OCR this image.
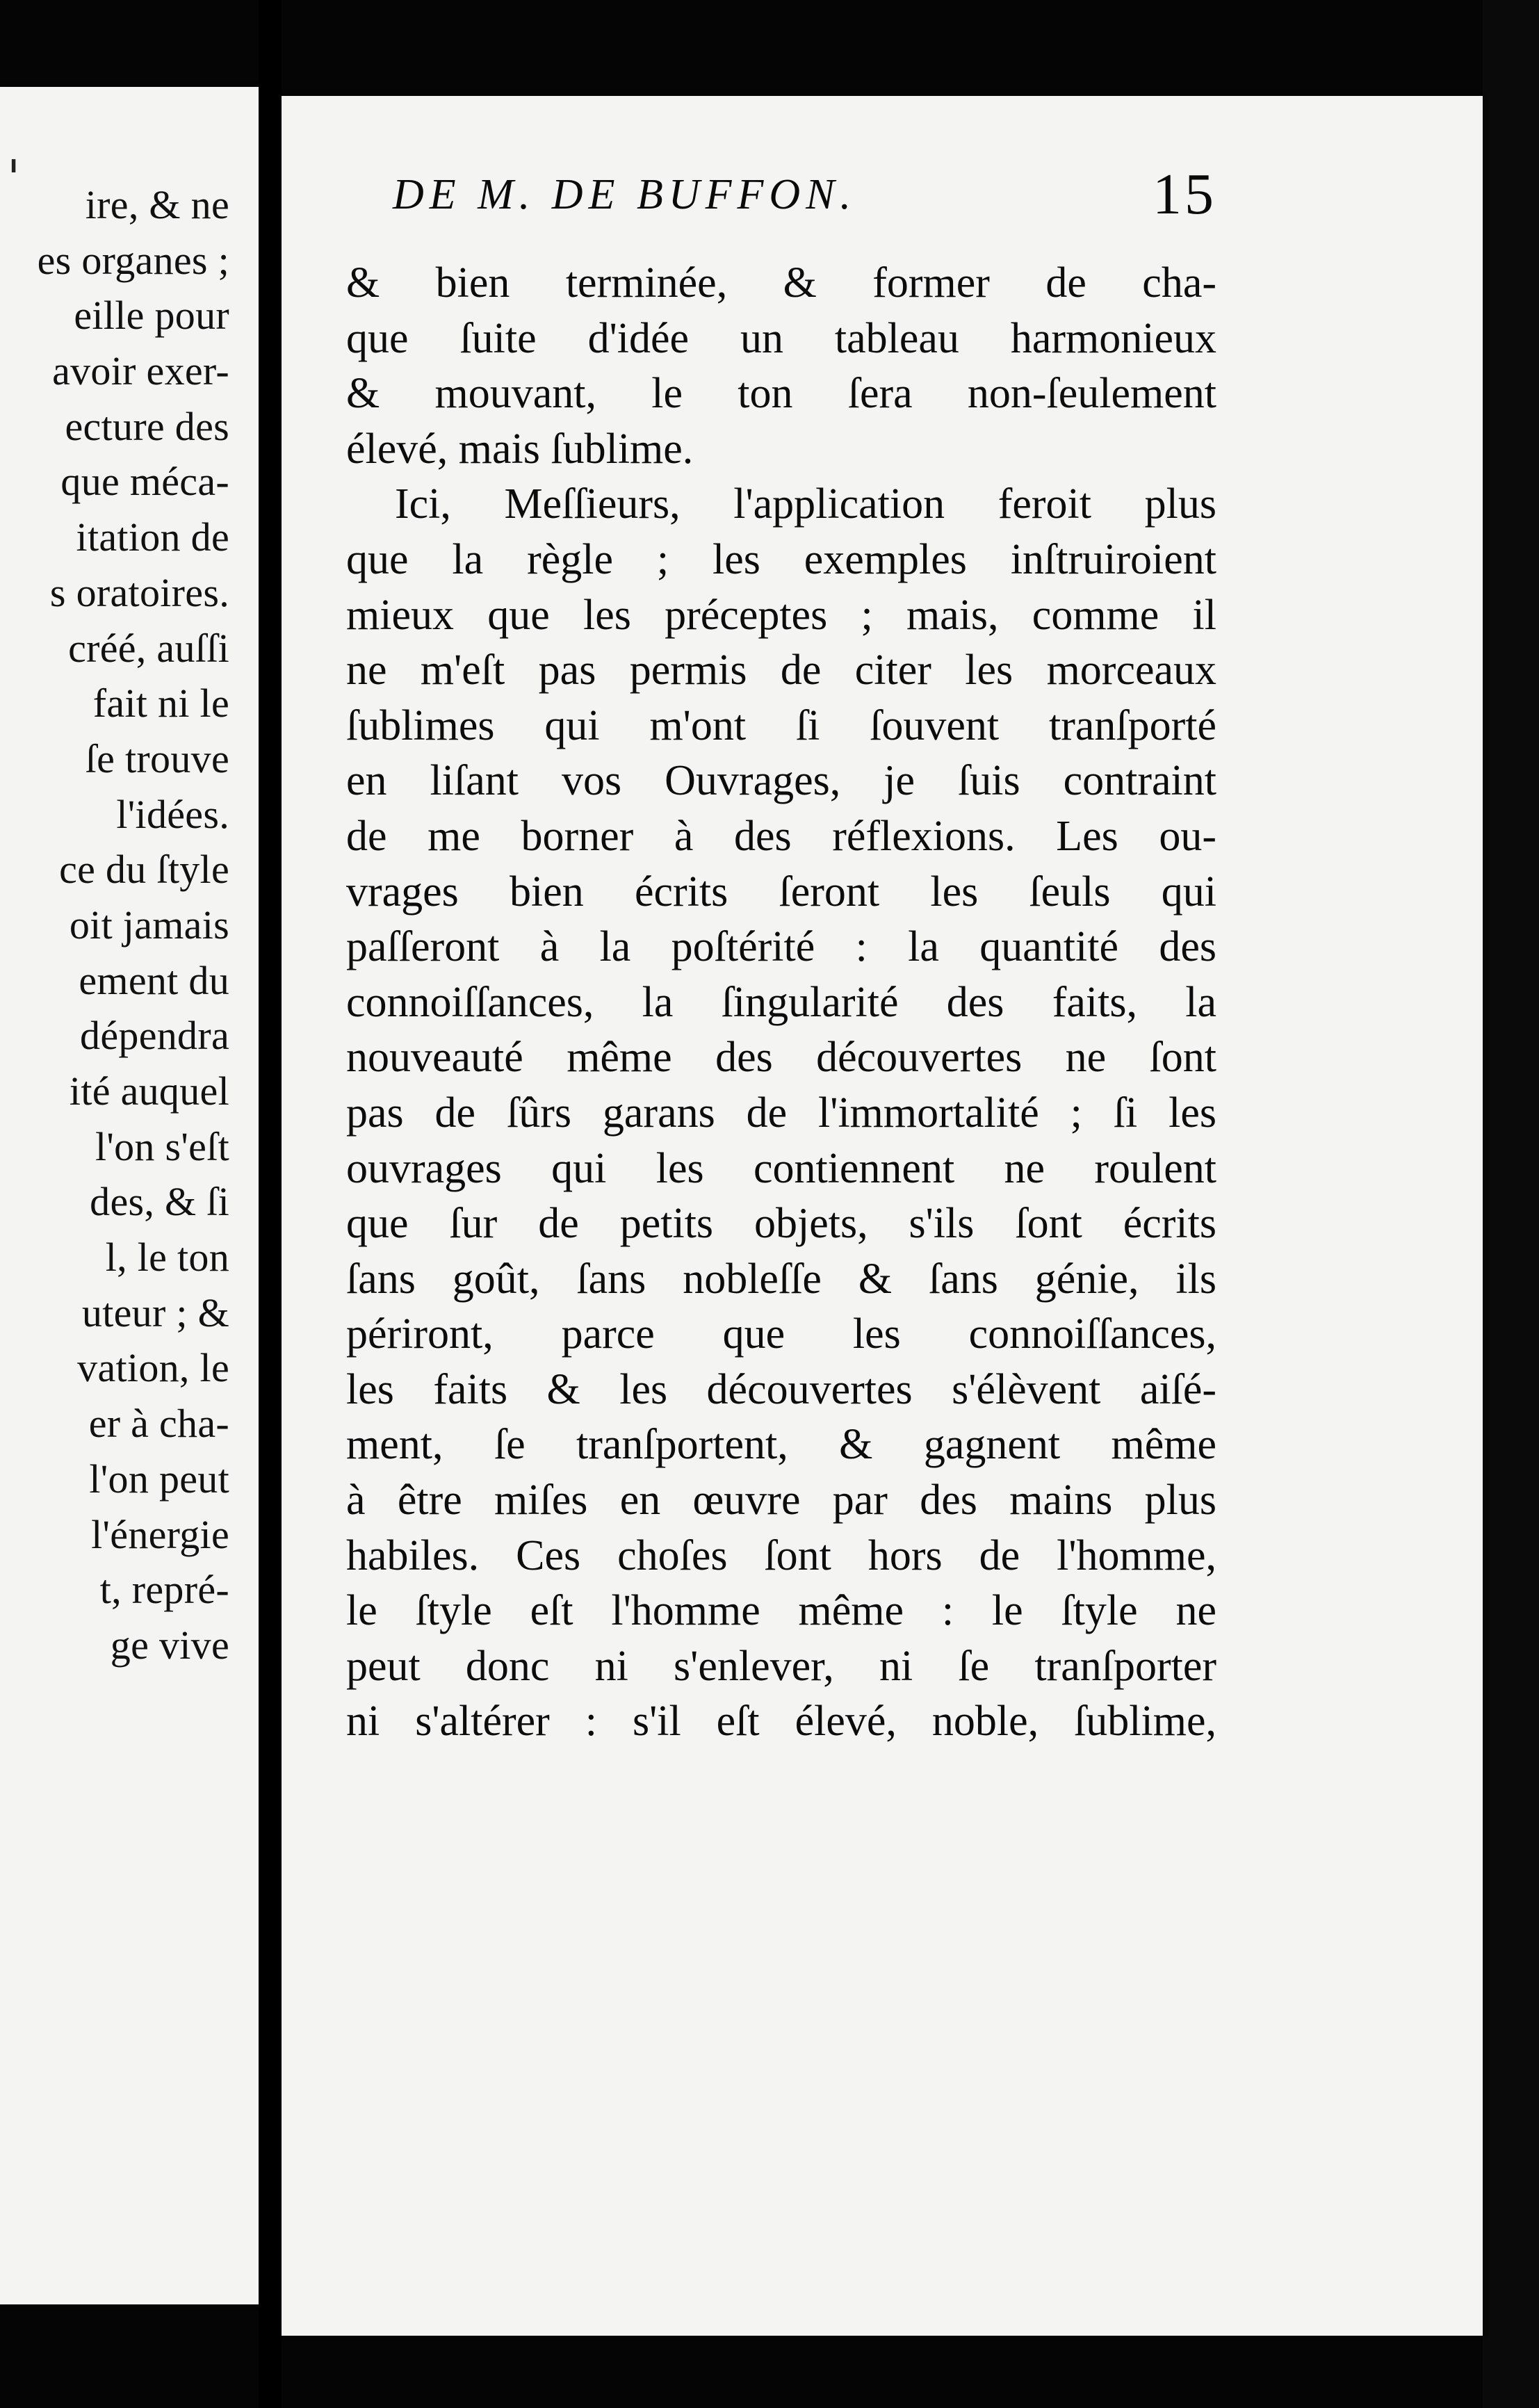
'	ire, & ne
es organes ;
eille pour
avoir exer-
ecture des
que méca-
itation de
s oratoires.
créé, auſſi
fait ni le
ſe trouve
l'idées.
ce du ſtyle
oit jamais
ement du
dépendra
ité auquel
l'on s'eſt
des, & ſi
l, le ton
uteur ; &
vation, le
er à cha-
l'on peut
l'énergie
t, repré-
ge vive
DE M. DE BUFFON.	15
& bien terminée, & former de cha-
que ſuite d'idée un tableau harmonieux
& mouvant, le ton ſera non-ſeulement
élevé, mais ſublime.
Ici, Meſſieurs, l'application feroit plus
que la règle ; les exemples inſtruiroient
mieux que les préceptes ; mais, comme il
ne m'eſt pas permis de citer les morceaux
ſublimes qui m'ont ſi ſouvent tranſporté
en liſant vos Ouvrages, je ſuis contraint
de me borner à des réflexions. Les ou-
vrages bien écrits ſeront les ſeuls qui
paſſeront à la poſtérité : la quantité des
connoiſſances, la ſingularité des faits, la
nouveauté même des découvertes ne ſont
pas de ſûrs garans de l'immortalité ; ſi les
ouvrages qui les contiennent ne roulent
que ſur de petits objets, s'ils ſont écrits
ſans goût, ſans nobleſſe & ſans génie, ils
périront, parce que les connoiſſances,
les faits & les découvertes s'élèvent aiſé-
ment, ſe tranſportent, & gagnent même
à être miſes en œuvre par des mains plus
habiles. Ces choſes ſont hors de l'homme,
le ſtyle eſt l'homme même : le ſtyle ne
peut donc ni s'enlever, ni ſe tranſporter
ni s'altérer : s'il eſt élevé, noble, ſublime,
